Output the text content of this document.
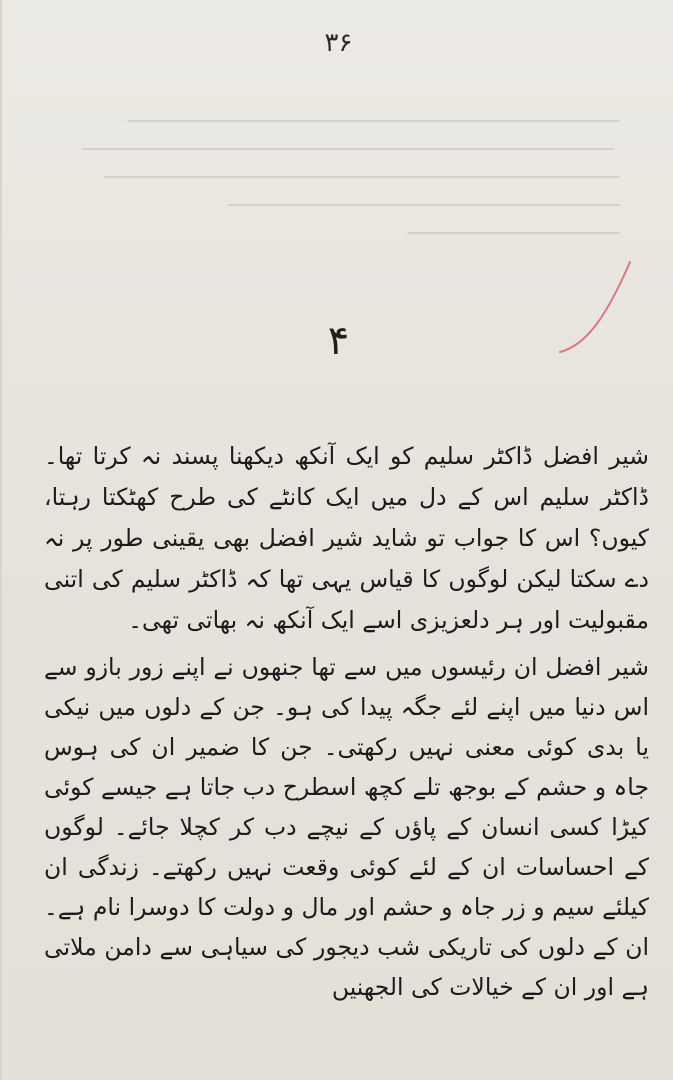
۳۶
۴

شیر افضل ڈاکٹر سلیم کو ایک آنکھ دیکھنا پسند نہ کرتا تھا۔ ڈاکٹر سلیم اس کے دل میں ایک کانٹے کی طرح کھٹکتا رہتا، کیوں؟ اس کا جواب تو شاید شیر افضل بھی یقینی طور پر نہ دے سکتا لیکن لوگوں کا قیاس یہی تھا کہ ڈاکٹر سلیم کی اتنی مقبولیت اور ہر دلعزیزی اسے ایک آنکھ نہ بھاتی تھی۔

شیر افضل ان رئیسوں میں سے تھا جنھوں نے اپنے زور بازو سے اس دنیا میں اپنے لئے جگہ پیدا کی ہو۔ جن کے دلوں میں نیکی یا بدی کوئی معنی نہیں رکھتی۔ جن کا ضمیر ان کی ہوس جاہ و حشم کے بوجھ تلے کچھ اسطرح دب جاتا ہے جیسے کوئی کیڑا کسی انسان کے پاؤں کے نیچے دب کر کچلا جائے۔ لوگوں کے احساسات ان کے لئے کوئی وقعت نہیں رکھتے۔ زندگی ان کیلئے سیم و زر جاہ و حشم اور مال و دولت کا دوسرا نام ہے۔ ان کے دلوں کی تاریکی شب دیجور کی سیاہی سے دامن ملاتی ہے اور ان کے خیالات کی الجھنیں
